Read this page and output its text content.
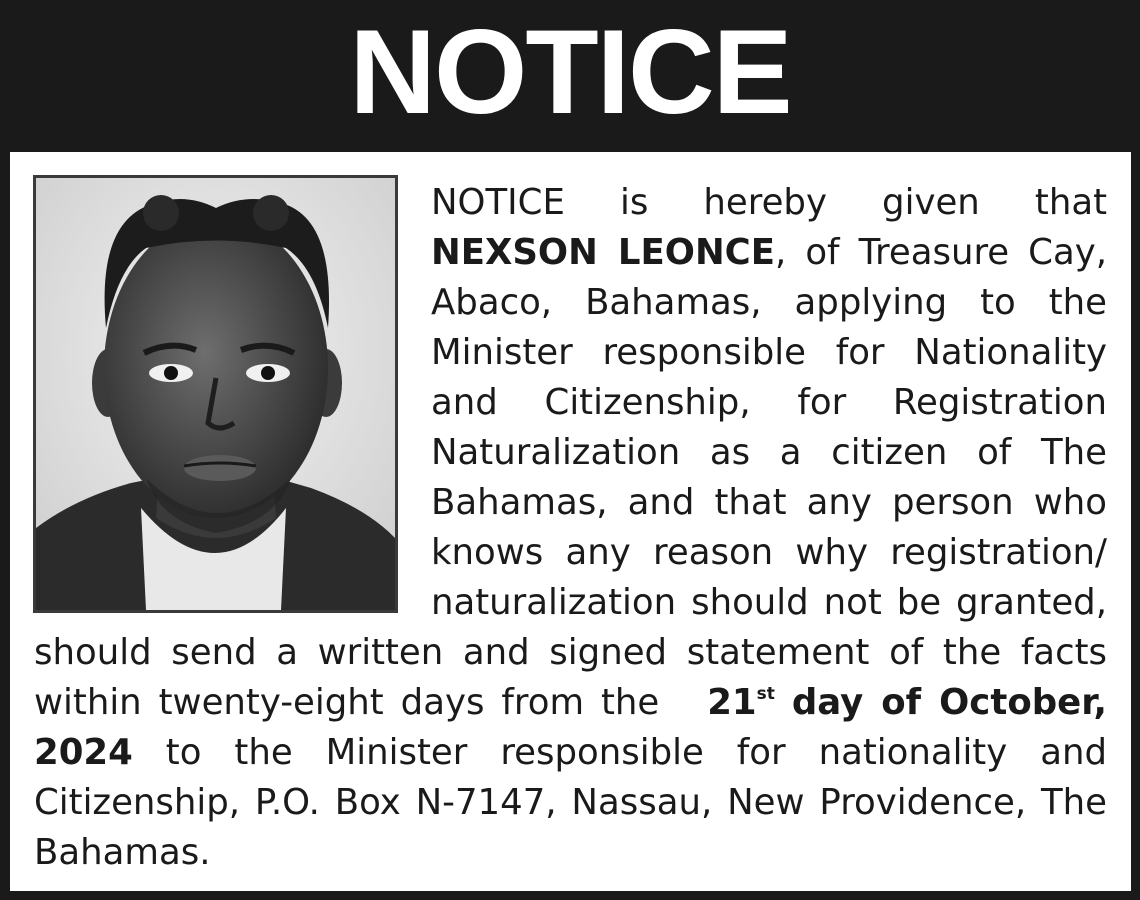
NOTICE
NOTICE is hereby given that NEXSON LEONCE, of Treasure Cay, Abaco, Bahamas, applying to the Minister responsible for Nationality and Citizenship, for Registration Naturalization as a citizen of The Bahamas, and that any person who knows any reason why registration/ naturalization should not be granted, should send a written and signed statement of the facts within twenty-eight days from the 21st day of October, 2024 to the Minister responsible for nationality and Citizenship, P.O. Box N-7147, Nassau, New Providence, The Bahamas.
